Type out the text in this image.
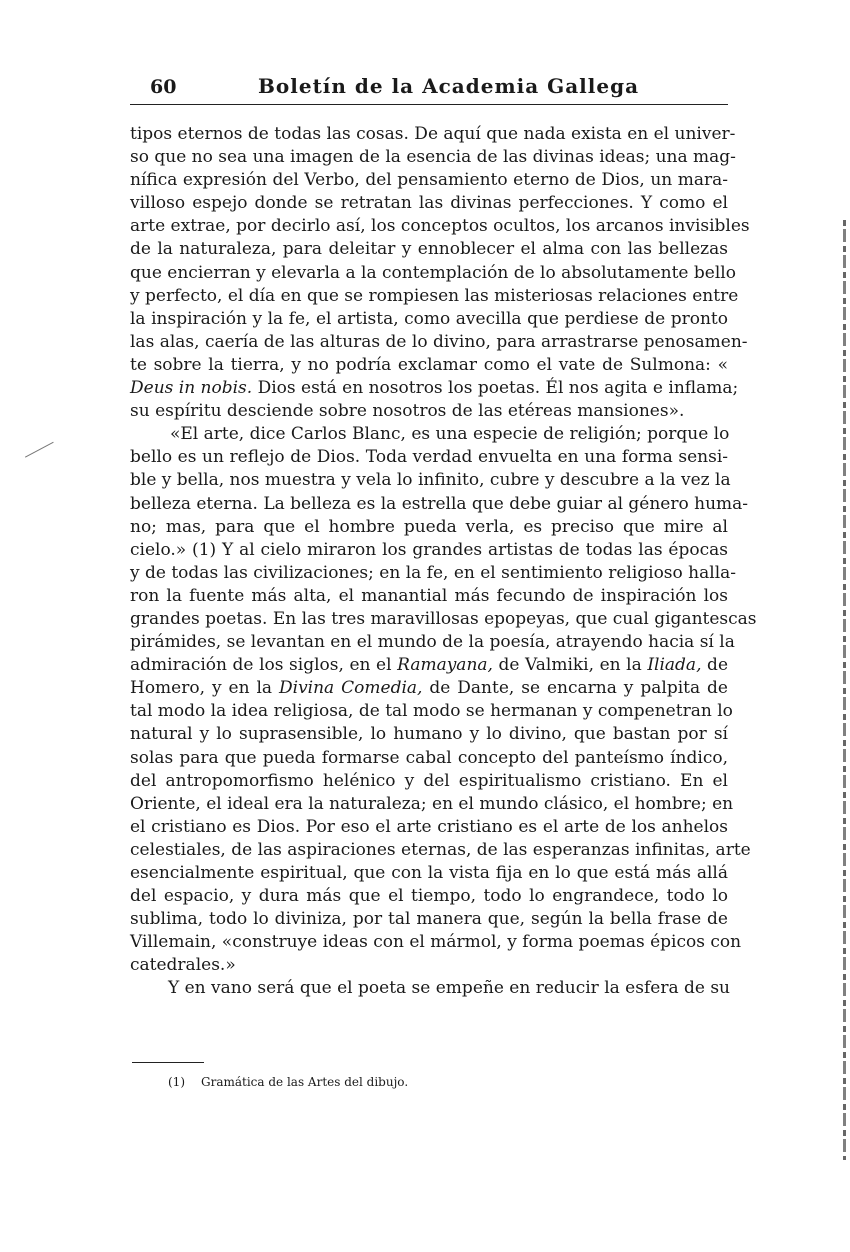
60	Boletín de la Academia Gallega
tipos eternos de todas las cosas. De aquí que nada exista en el univer-
so que no sea una imagen de la esencia de las divinas ideas; una mag-
nífica expresión del Verbo, del pensamiento eterno de Dios, un mara-
villoso espejo donde se retratan las divinas perfecciones. Y como el
arte extrae, por decirlo así, los conceptos ocultos, los arcanos invisibles
de la naturaleza, para deleitar y ennoblecer el alma con las bellezas
que encierran y elevarla a la contemplación de lo absolutamente bello
y perfecto, el día en que se rompiesen las misteriosas relaciones entre
la inspiración y la fe, el artista, como avecilla que perdiese de pronto
las alas, caería de las alturas de lo divino, para arrastrarse penosamen-
te sobre la tierra, y no podría exclamar como el vate de Sulmona: «
Deus in nobis. Dios está en nosotros los poetas. Él nos agita e inflama;
su espíritu desciende sobre nosotros de las etéreas mansiones».
«El arte, dice Carlos Blanc, es una especie de religión; porque lo
bello es un reflejo de Dios. Toda verdad envuelta en una forma sensi-
ble y bella, nos muestra y vela lo infinito, cubre y descubre a la vez la
belleza eterna. La belleza es la estrella que debe guiar al género huma-
no; mas, para que el hombre pueda verla, es preciso que mire al
cielo.» (1) Y al cielo miraron los grandes artistas de todas las épocas
y de todas las civilizaciones; en la fe, en el sentimiento religioso halla-
ron la fuente más alta, el manantial más fecundo de inspiración los
grandes poetas. En las tres maravillosas epopeyas, que cual gigantescas
pirámides, se levantan en el mundo de la poesía, atrayendo hacia sí la
admiración de los siglos, en el Ramayana, de Valmiki, en la Iliada, de
Homero, y en la Divina Comedia, de Dante, se encarna y palpita de
tal modo la idea religiosa, de tal modo se hermanan y compenetran lo
natural y lo suprasensible, lo humano y lo divino, que bastan por sí
solas para que pueda formarse cabal concepto del panteísmo índico,
del antropomorfismo helénico y del espiritualismo cristiano. En el
Oriente, el ideal era la naturaleza; en el mundo clásico, el hombre; en
el cristiano es Dios. Por eso el arte cristiano es el arte de los anhelos
celestiales, de las aspiraciones eternas, de las esperanzas infinitas, arte
esencialmente espiritual, que con la vista fija en lo que está más allá
del espacio, y dura más que el tiempo, todo lo engrandece, todo lo
sublima, todo lo diviniza, por tal manera que, según la bella frase de
Villemain, «construye ideas con el mármol, y forma poemas épicos con
catedrales.»
Y en vano será que el poeta se empeñe en reducir la esfera de su
(1) Gramática de las Artes del dibujo.
